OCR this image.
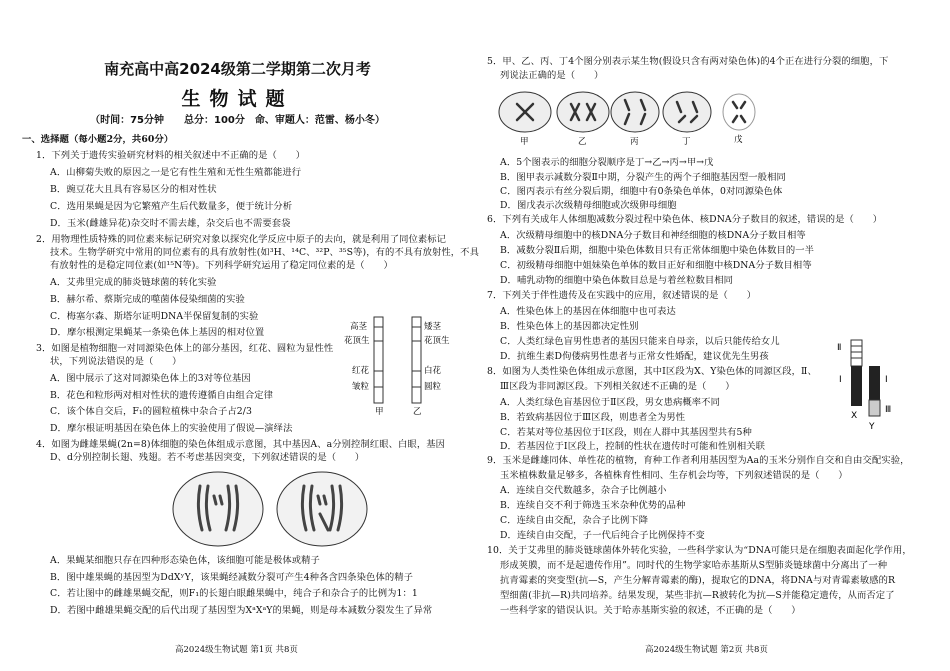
南充高中高2024级第二学期第二次月考
生物试题
（时间：75分钟　　总分：100分　命、审题人：范雷、杨小冬）
一、选择题（每小题2分，共60分）
1．下列关于遗传实验研究材料的相关叙述中不正确的是（　　）
A．山柳菊失败的原因之一是它有性生殖和无性生殖都能进行
B．豌豆花大且具有容易区分的相对性状
C．选用果蝇是因为它繁殖产生后代数量多，便于统计分析
D．玉米(雌雄异花)杂交时不需去雄，杂交后也不需要套袋
2．用物理性质特殊的同位素来标记研究对象以探究化学反应中原子的去向，就是利用了同位素标记
技术。生物学研究中常用的同位素有的具有放射性(如³H、¹⁴C、³²P、³⁵S等)，有的不具有放射性，不具
有放射性的是稳定同位素(如¹⁵N等)。下列科学研究运用了稳定同位素的是（　　）
A．艾弗里完成的肺炎链球菌的转化实验
B．赫尔希、蔡斯完成的噬菌体侵染细菌的实验
C．梅塞尔森、斯塔尔证明DNA半保留复制的实验
D．摩尔根测定果蝇某一条染色体上基因的相对位置
3．如图是植物细胞一对同源染色体上的部分基因，红花、圆粒为显性性
状，下列说法错误的是（　　）
A．图中展示了这对同源染色体上的3对等位基因
B．花色和粒形两对相对性状的遗传遵循自由组合定律
C．该个体自交后，F₁的圆粒植株中杂合子占2/3
D．摩尔根证明基因在染色体上的实验使用了假说—演绎法
4．如图为雌雄果蝇(2n=8)体细胞的染色体组成示意图，其中基因A、a分别控制红眼、白眼，基因
D、d分别控制长翅、残翅。若不考虑基因突变，下列叙述错误的是（　　）
A．果蝇某细胞只存在四种形态染色体，该细胞可能是极体或精子
B．图中雄果蝇的基因型为DdXʸY，该果蝇经减数分裂可产生4种各含四条染色体的精子
C．若让图中的雌雄果蝇交配，则F₁的长翅白眼雌果蝇中，纯合子和杂合子的比例为1：1
D．若图中雌雄果蝇交配的后代出现了基因型为XᵃXᵃY的果蝇，则是母本减数分裂发生了异常
高茎
花顶生
红花
皱粒
矮茎
花顶生
白花
圆粒
甲	乙
高2024级生物试题 第1页 共8页
5．甲、乙、丙、丁4个图分别表示某生物(假设只含有两对染色体)的4个正在进行分裂的细胞，下
列说法正确的是（　　）
A．5个图表示的细胞分裂顺序是丁→乙→丙→甲→戊
B．图甲表示减数分裂Ⅱ中期，分裂产生的两个子细胞基因型一般相同
C．图丙表示有丝分裂后期，细胞中有0条染色单体，0对同源染色体
D．图戊表示次级精母细胞或次级卵母细胞
6．下列有关成年人体细胞减数分裂过程中染色体、核DNA分子数目的叙述，错误的是（　　）
A．次级精母细胞中的核DNA分子数目和神经细胞的核DNA分子数目相等
B．减数分裂Ⅱ后期，细胞中染色体数目只有正常体细胞中染色体数目的一半
C．初级精母细胞中姐妹染色单体的数目正好和细胞中核DNA分子数目相等
D．哺乳动物的细胞中染色体数目总是与着丝粒数目相同
7．下列关于伴性遗传及在实践中的应用，叙述错误的是（　　）
A．性染色体上的基因在体细胞中也可表达
B．性染色体上的基因都决定性别
C．人类红绿色盲男性患者的基因只能来自母亲，以后只能传给女儿
D．抗维生素D佝偻病男性患者与正常女性婚配，建议优先生男孩
8．如图为人类性染色体组成示意图，其中Ⅰ区段为X、Y染色体的同源区段，Ⅱ、
Ⅲ区段为非同源区段。下列相关叙述不正确的是（　　）
A．人类红绿色盲基因位于Ⅱ区段，男女患病概率不同
B．若致病基因位于Ⅲ区段，则患者全为男性
C．若某对等位基因位于Ⅰ区段，则在人群中其基因型共有5种
D．若基因位于Ⅰ区段上，控制的性状在遗传时可能和性别相关联
9．玉米是雌雄同体、单性花的植物，育种工作者利用基因型为Aa的玉米分别作自交和自由交配实验，
玉米植株数量足够多，各植株育性相同、生存机会均等，下列叙述错误的是（　　）
A．连续自交代数越多，杂合子比例越小
B．连续自交不利于筛选玉米杂种优势的品种
C．连续自由交配，杂合子比例下降
D．连续自由交配，子一代后纯合子比例保持不变
10．关于艾弗里的肺炎链球菌体外转化实验，一些科学家认为“DNA可能只是在细胞表面起化学作用，
形成荚膜，而不是起遗传作用”。同时代的生物学家哈赤基斯从S型肺炎链球菌中分离出了一种
抗青霉素的突变型(抗—S，产生分解青霉素的酶)，提取它的DNA，将DNA与对青霉素敏感的R
型细菌(非抗—R)共同培养。结果发现，某些非抗—R被转化为抗—S并能稳定遗传，从而否定了
一些科学家的错误认识。关于哈赤基斯实验的叙述，不正确的是（　　）
甲	乙	丙	丁	戊
Ⅱ
Ⅰ	Ⅰ
Ⅲ
X
Y
高2024级生物试题 第2页 共8页
